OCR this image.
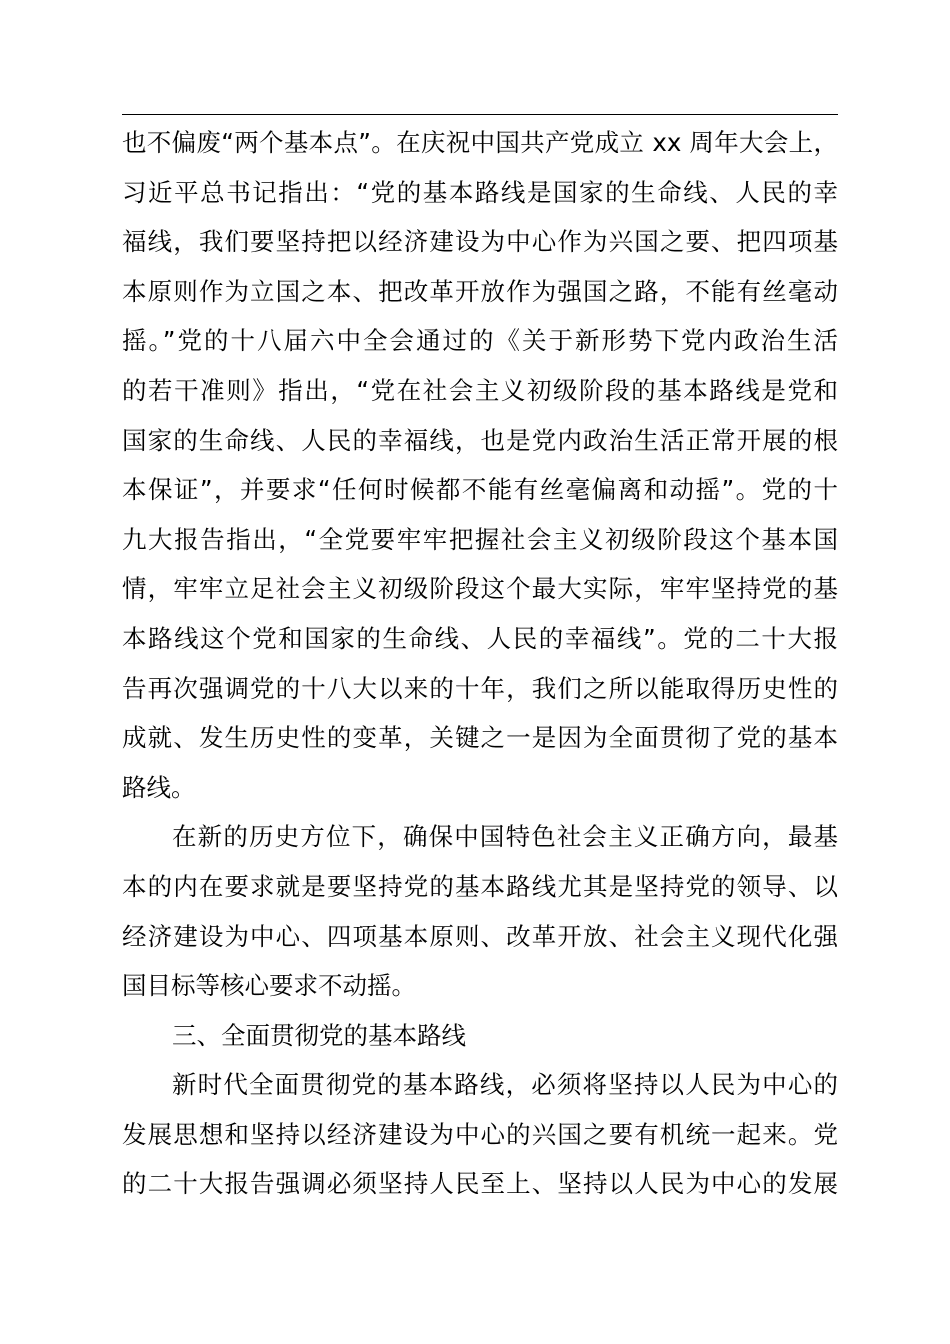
也不偏废“两个基本点”。在庆祝中国共产党成立 xx 周年大会上，
习近平总书记指出：“党的基本路线是国家的生命线、人民的幸
福线，我们要坚持把以经济建设为中心作为兴国之要、把四项基
本原则作为立国之本、把改革开放作为强国之路，不能有丝毫动
摇。”党的十八届六中全会通过的《关于新形势下党内政治生活
的若干准则》指出，“党在社会主义初级阶段的基本路线是党和
国家的生命线、人民的幸福线，也是党内政治生活正常开展的根
本保证”，并要求“任何时候都不能有丝毫偏离和动摇”。党的十
九大报告指出，“全党要牢牢把握社会主义初级阶段这个基本国
情，牢牢立足社会主义初级阶段这个最大实际，牢牢坚持党的基
本路线这个党和国家的生命线、人民的幸福线”。党的二十大报
告再次强调党的十八大以来的十年，我们之所以能取得历史性的
成就、发生历史性的变革，关键之一是因为全面贯彻了党的基本
路线。
在新的历史方位下，确保中国特色社会主义正确方向，最基
本的内在要求就是要坚持党的基本路线尤其是坚持党的领导、以
经济建设为中心、四项基本原则、改革开放、社会主义现代化强
国目标等核心要求不动摇。
三、全面贯彻党的基本路线
新时代全面贯彻党的基本路线，必须将坚持以人民为中心的
发展思想和坚持以经济建设为中心的兴国之要有机统一起来。党
的二十大报告强调必须坚持人民至上、坚持以人民为中心的发展
